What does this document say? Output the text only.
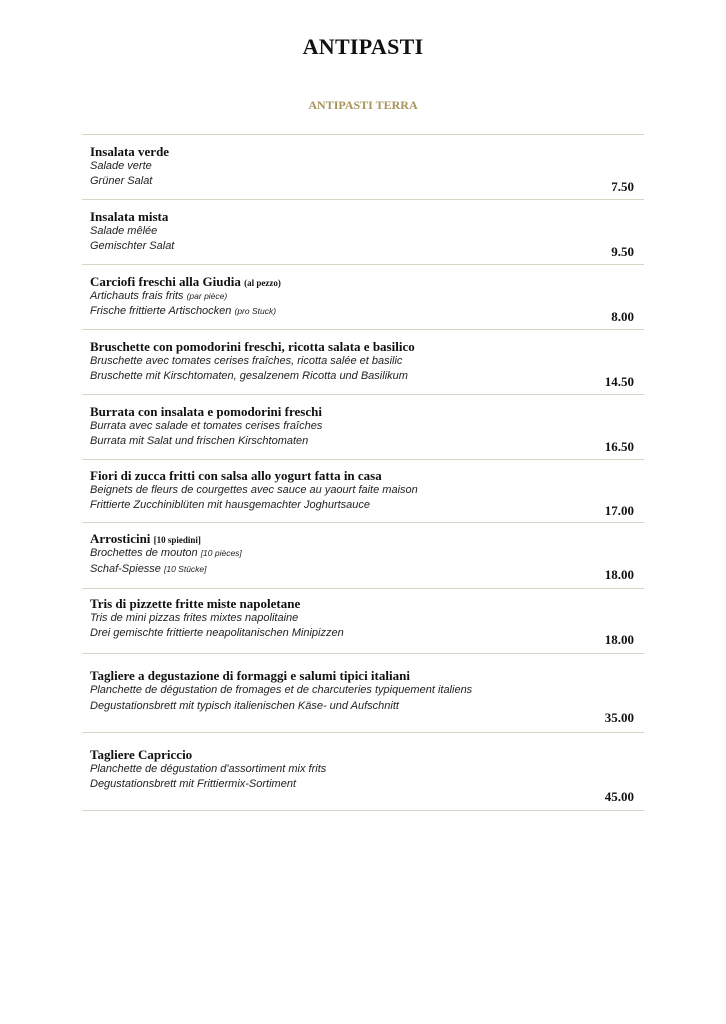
ANTIPASTI
ANTIPASTI TERRA
Insalata verde
Salade verte
Grüner Salat	7.50
Insalata mista
Salade mêlée
Gemischter Salat	9.50
Carciofi freschi alla Giudia (al pezzo)
Artichauts frais frits (par pièce)
Frische frittierte Artischocken (pro Stuck)	8.00
Bruschette con pomodorini freschi, ricotta salata e basilico
Bruschette avec tomates cerises fraîches, ricotta salée et basilic
Bruschette mit Kirschtomaten, gesalzenem Ricotta und Basilikum	14.50
Burrata con insalata e pomodorini freschi
Burrata avec salade et tomates cerises fraîches
Burrata mit Salat und frischen Kirschtomaten	16.50
Fiori di zucca fritti con salsa allo yogurt fatta in casa
Beignets de fleurs de courgettes avec sauce au yaourt faite maison
Frittierte Zucchiniblüten mit hausgemachter Joghurtsauce	17.00
Arrosticini [10 spiedini]
Brochettes de mouton [10 pièces]
Schaf-Spiesse [10 Stücke]	18.00
Tris di pizzette fritte miste napoletane
Tris de mini pizzas frites mixtes napolitaine
Drei gemischte frittierte neapolitanischen Minipizzen	18.00
Tagliere a degustazione di formaggi e salumi tipici italiani
Planchette de dégustation de fromages et de charcuteries typiquement italiens
Degustationsbrett mit typisch italienischen Käse- und Aufschnitt
35.00
Tagliere Capriccio
Planchette de dégustation d'assortiment mix frits
Degustationsbrett mit Frittiermix-Sortiment
45.00
